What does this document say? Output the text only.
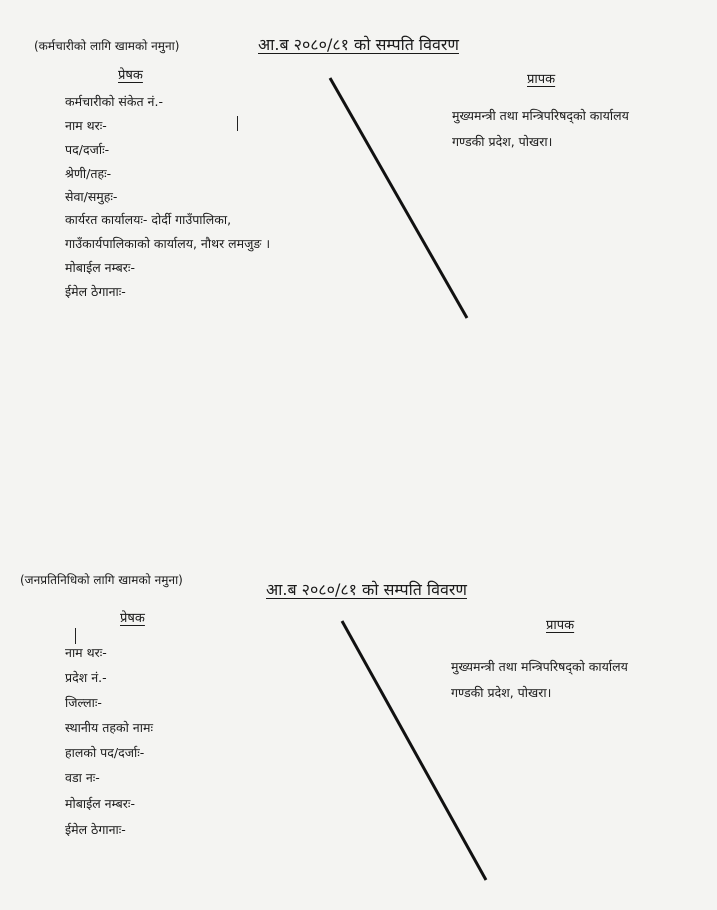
(कर्मचारीको लागि खामको नमुना)	आ.ब २०८०/८१ को सम्पति विवरण
प्रेषक	प्रापक
कर्मचारीको संकेत नं.-
नाम थरः-
पद/दर्जाः-
श्रेणी/तहः-
सेवा/समुहः-
कार्यरत कार्यालयः- दोर्दी गाउँपालिका,
गाउँकार्यपालिकाको कार्यालय, नौथर लमजुङ ।
मोबाईल नम्बरः-
ईमेल ठेगानाः-
मुख्यमन्त्री तथा मन्त्रिपरिषद्को कार्यालय
गण्डकी प्रदेश, पोखरा।
(जनप्रतिनिधिको लागि खामको नमुना)	आ.ब २०८०/८१ को सम्पति विवरण
प्रेषक	प्रापक
नाम थरः-
प्रदेश नं.-
जिल्लाः-
स्थानीय तहको नामः
हालको पद/दर्जाः-
वडा नः-
मोबाईल नम्बरः-
ईमेल ठेगानाः-
मुख्यमन्त्री तथा मन्त्रिपरिषद्को कार्यालय
गण्डकी प्रदेश, पोखरा।
